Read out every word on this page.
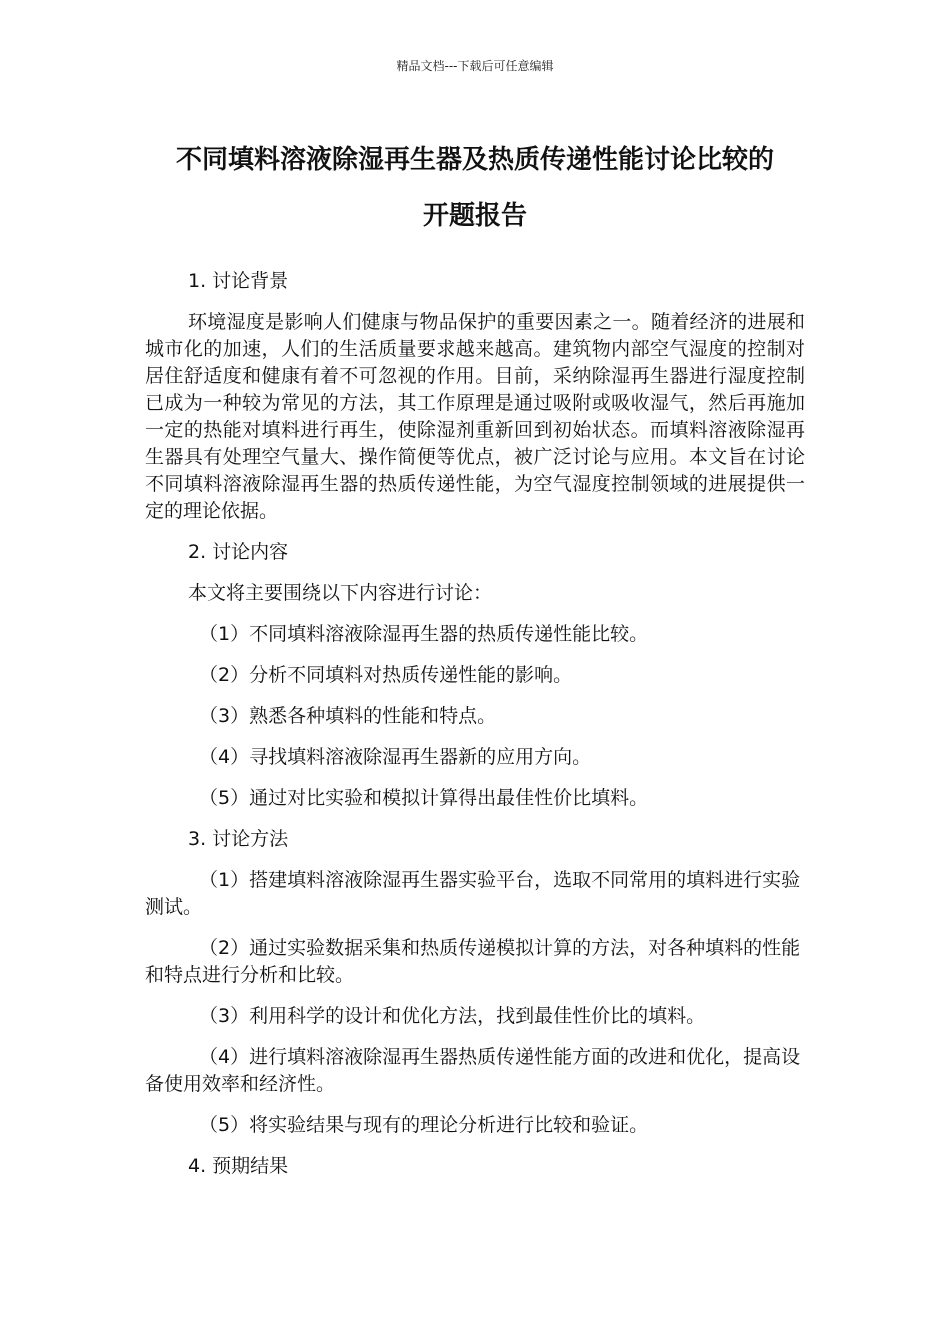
精品文档---下载后可任意编辑
不同填料溶液除湿再生器及热质传递性能讨论比较的
开题报告
1. 讨论背景

环境湿度是影响人们健康与物品保护的重要因素之一。随着经济的进展和城市化的加速，人们的生活质量要求越来越高。建筑物内部空气湿度的控制对居住舒适度和健康有着不可忽视的作用。目前，采纳除湿再生器进行湿度控制已成为一种较为常见的方法，其工作原理是通过吸附或吸收湿气，然后再施加一定的热能对填料进行再生，使除湿剂重新回到初始状态。而填料溶液除湿再生器具有处理空气量大、操作简便等优点，被广泛讨论与应用。本文旨在讨论不同填料溶液除湿再生器的热质传递性能，为空气湿度控制领域的进展提供一定的理论依据。

2. 讨论内容
本文将主要围绕以下内容进行讨论：
（1）不同填料溶液除湿再生器的热质传递性能比较。
（2）分析不同填料对热质传递性能的影响。
（3）熟悉各种填料的性能和特点。
（4）寻找填料溶液除湿再生器新的应用方向。
（5）通过对比实验和模拟计算得出最佳性价比填料。
3. 讨论方法

（1）搭建填料溶液除湿再生器实验平台，选取不同常用的填料进行实验测试。

（2）通过实验数据采集和热质传递模拟计算的方法，对各种填料的性能和特点进行分析和比较。

（3）利用科学的设计和优化方法，找到最佳性价比的填料。

（4）进行填料溶液除湿再生器热质传递性能方面的改进和优化，提高设备使用效率和经济性。

（5）将实验结果与现有的理论分析进行比较和验证。
4. 预期结果
